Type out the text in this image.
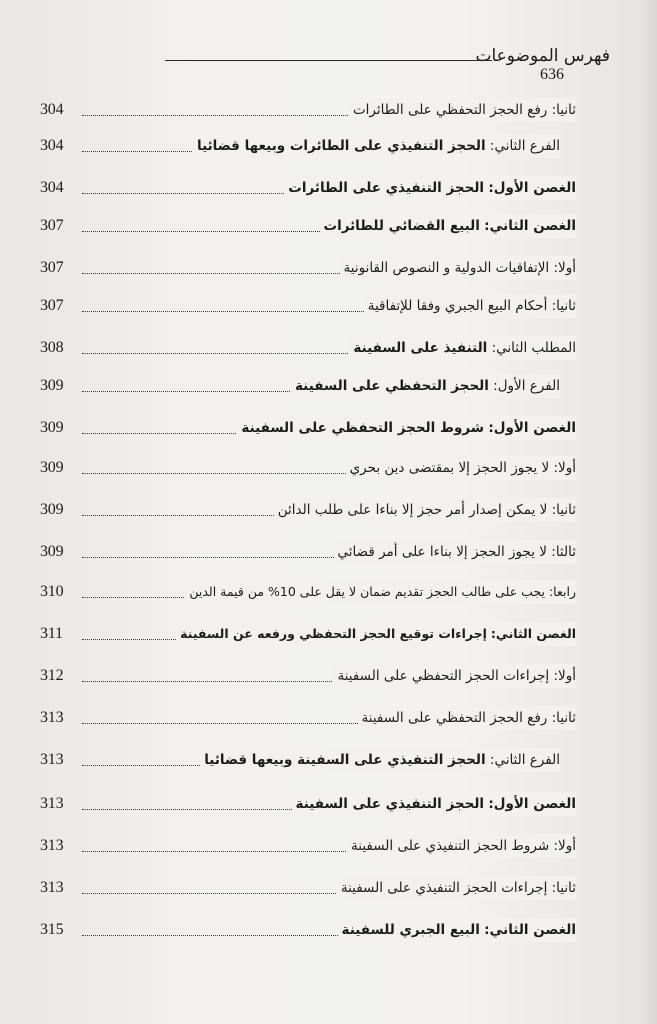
فهرس الموضوعات
636
304	ثانيا: رفع الحجز التحفظي على الطائرات
304	الفرع الثاني: الحجز التنفيذي على الطائرات وبيعها قضائيا
304	الغصن الأول: الحجز التنفيذي على الطائرات
307	الغصن الثاني: البيع القضائي للطائرات
307	أولا: الإتفاقيات الدولية و النصوص القانونية
307	ثانيا: أحكام البيع الجبري وفقا للإتفاقية
308	المطلب الثاني: التنفيذ على السفينة
309	الفرع الأول: الحجز التحفظي على السفينة
309	الغصن الأول: شروط الحجز التحفظي على السفينة
309	أولا: لا يجوز الحجز إلا بمقتضى دين بحري
309	ثانيا: لا يمكن إصدار أمر حجز إلا بناءا على طلب الدائن
309	ثالثا: لا يجوز الحجز إلا بناءا على أمر قضائي
310	رابعا: يجب على طالب الحجز تقديم ضمان لا يقل على 10% من قيمة الدين
311	الغصن الثاني: إجراءات توقيع الحجز التحفظي ورفعه عن السفينة
312	أولا: إجراءات الحجز التحفظي على السفينة
313	ثانيا: رفع الحجز التحفظي على السفينة
313	الفرع الثاني: الحجز التنفيذي على السفينة وبيعها قضائيا
313	الغصن الأول: الحجز التنفيذي على السفينة
313	أولا: شروط الحجز التنفيذي على السفينة
313	ثانيا: إجراءات الحجز التنفيذي على السفينة
315	الغصن الثاني: البيع الجبري للسفينة
